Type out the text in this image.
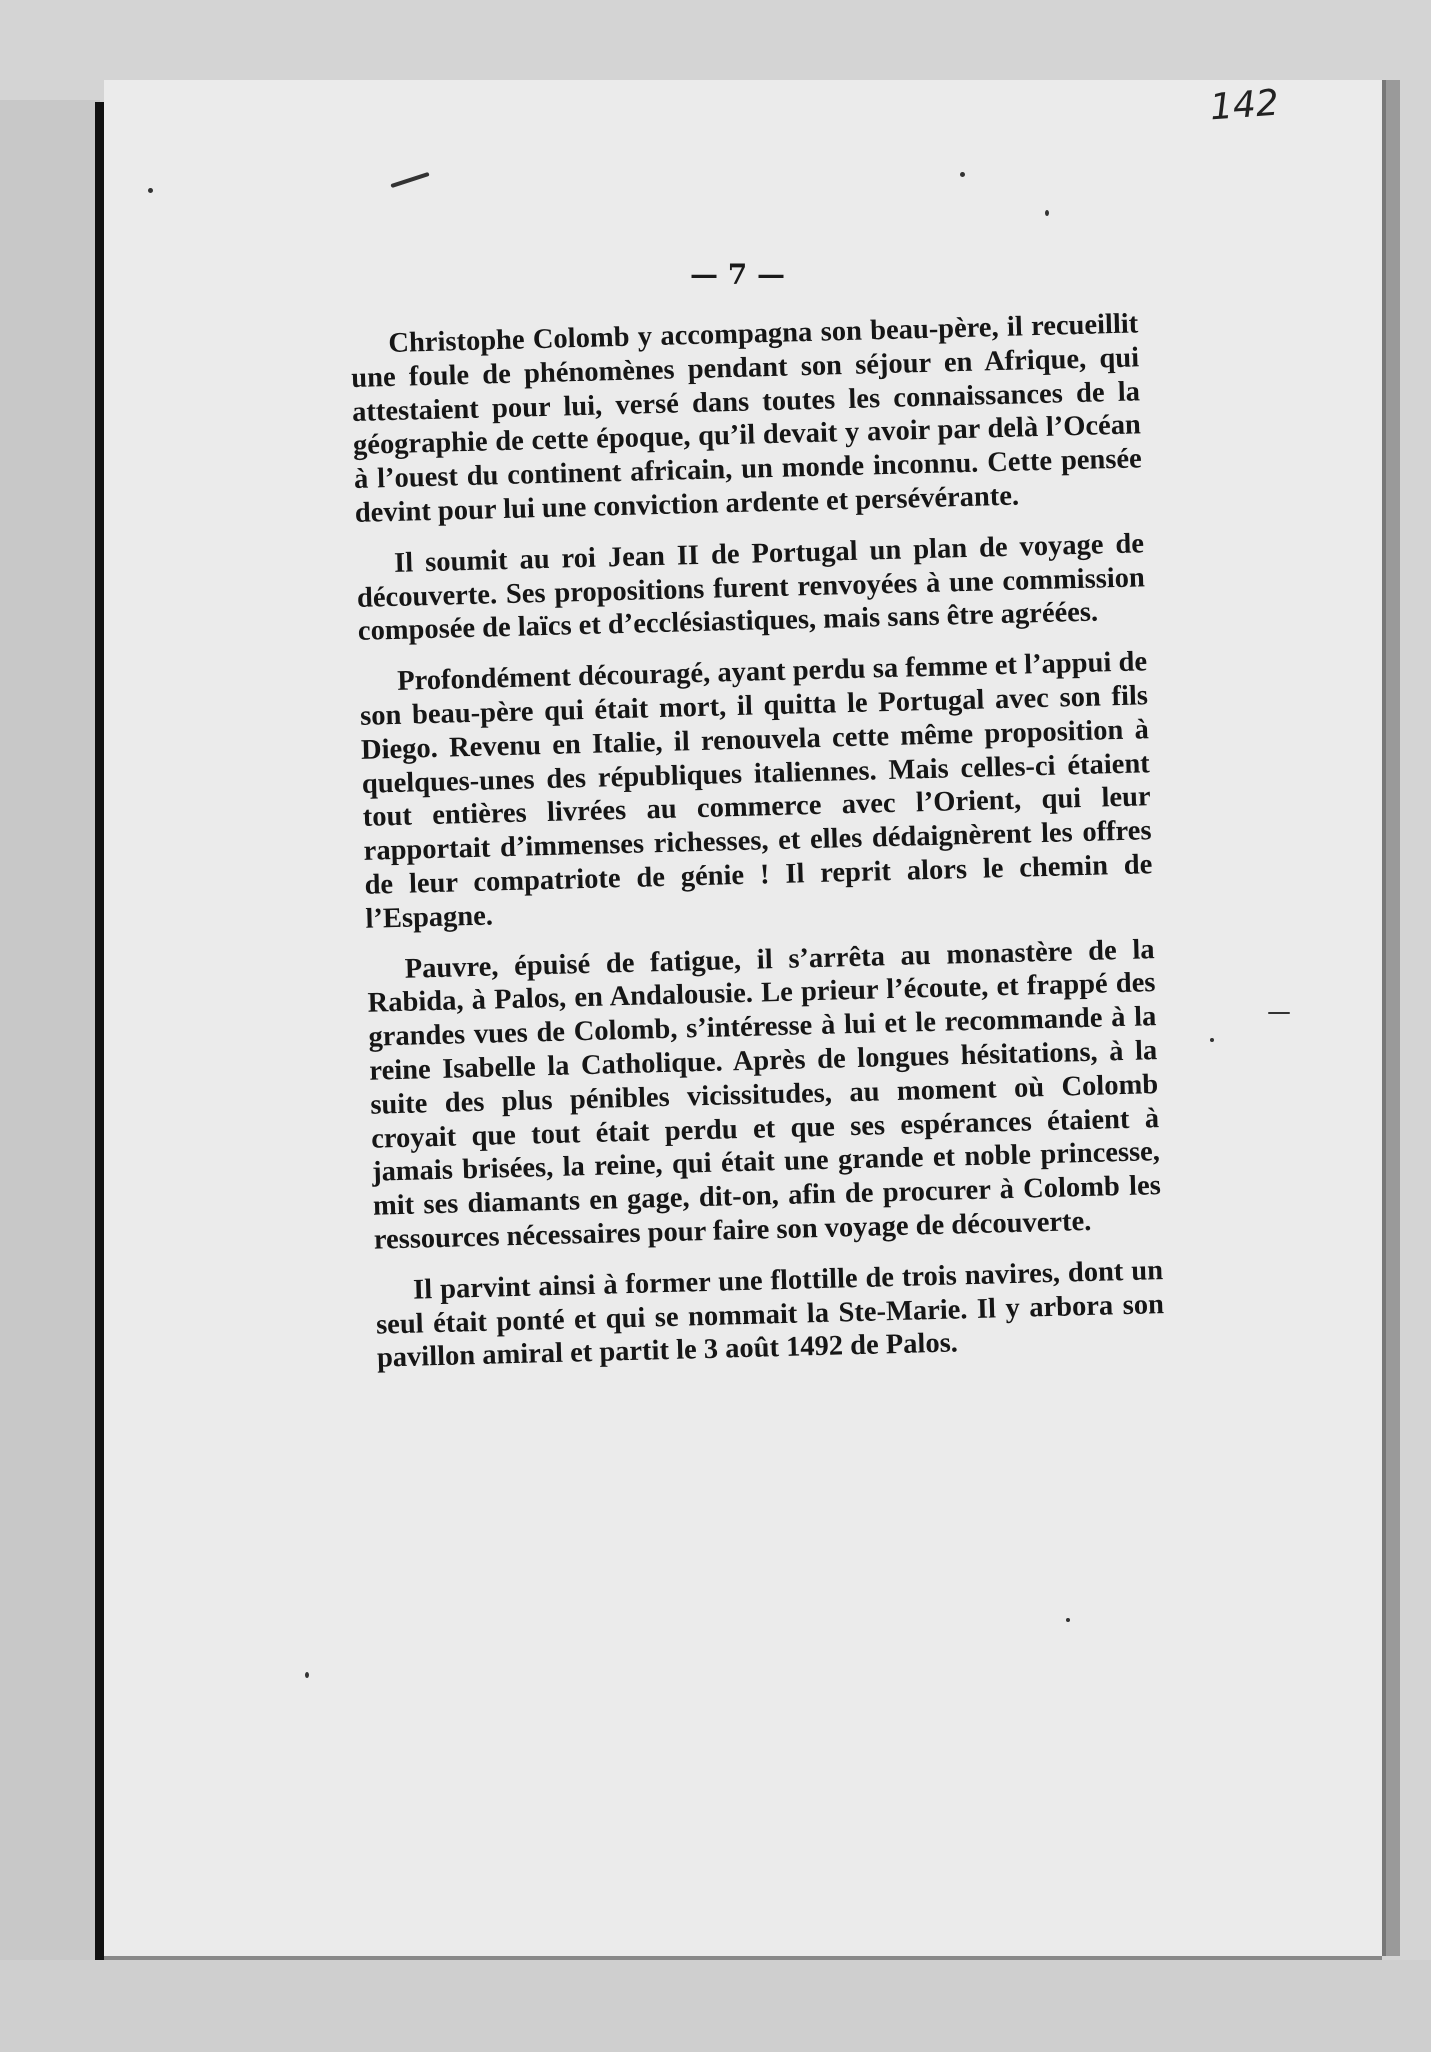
142
— 7 —

Christophe Colomb y accompagna son beau-père, il recueillit une foule de phénomènes pendant son séjour en Afrique, qui attestaient pour lui, versé dans toutes les connaissances de la géographie de cette époque, qu’il devait y avoir par delà l’Océan à l’ouest du continent africain, un monde inconnu. Cette pensée devint pour lui une conviction ardente et persévérante.

Il soumit au roi Jean II de Portugal un plan de voyage de découverte. Ses propositions furent renvoyées à une commission composée de laïcs et d’ecclésiastiques, mais sans être agréées.

Profondément découragé, ayant perdu sa femme et l’appui de son beau-père qui était mort, il quitta le Portugal avec son fils Diego. Revenu en Italie, il renouvela cette même proposition à quelques-unes des républiques italiennes. Mais celles-ci étaient tout entières livrées au commerce avec l’Orient, qui leur rapportait d’immenses richesses, et elles dédaignèrent les offres de leur compatriote de génie ! Il reprit alors le chemin de l’Espagne.

Pauvre, épuisé de fatigue, il s’arrêta au monastère de la Rabida, à Palos, en Andalousie. Le prieur l’écoute, et frappé des grandes vues de Colomb, s’intéresse à lui et le recommande à la reine Isabelle la Catholique. Après de longues hésitations, à la suite des plus pénibles vicissitudes, au moment où Colomb croyait que tout était perdu et que ses espérances étaient à jamais brisées, la reine, qui était une grande et noble princesse, mit ses diamants en gage, dit-on, afin de procurer à Colomb les ressources nécessaires pour faire son voyage de découverte.

Il parvint ainsi à former une flottille de trois navires, dont un seul était ponté et qui se nommait la Ste-Marie. Il y arbora son pavillon amiral et partit le 3 août 1492 de Palos.
